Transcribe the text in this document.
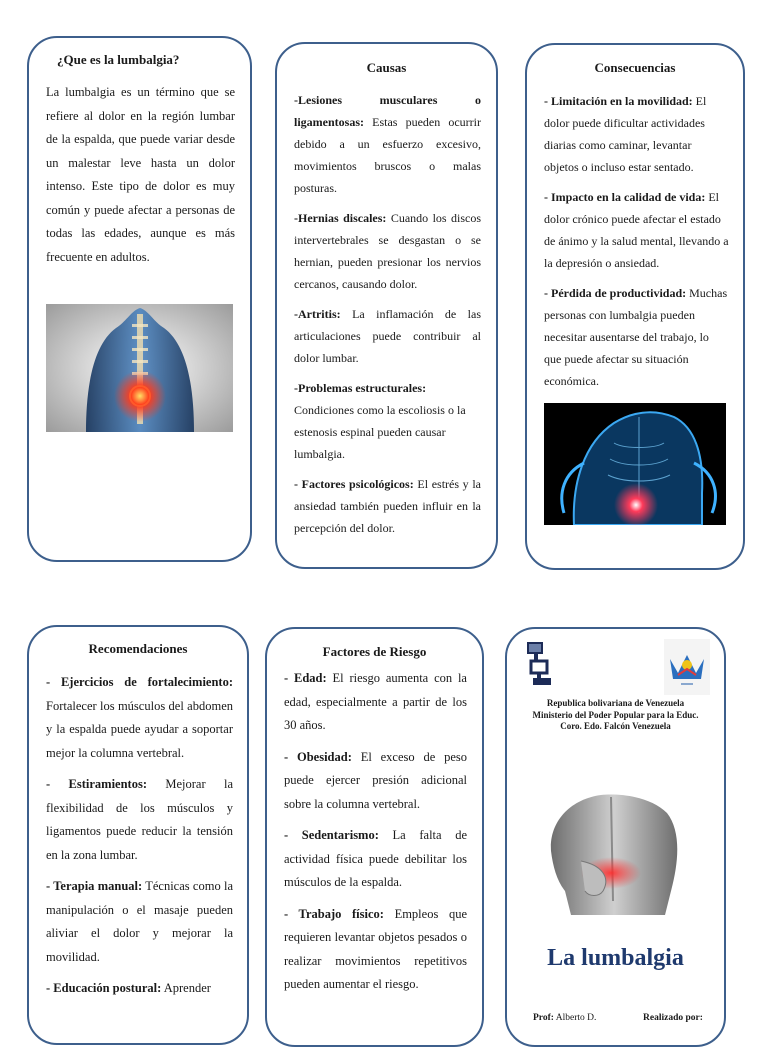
¿Que es la lumbalgia?
La lumbalgia es un término que se refiere al dolor en la región lumbar de la espalda, que puede variar desde un malestar leve hasta un dolor intenso. Este tipo de dolor es muy común y puede afectar a personas de todas las edades, aunque es más frecuente en adultos.
Causas
-Lesiones musculares o ligamentosas: Estas pueden ocurrir debido a un esfuerzo excesivo, movimientos bruscos o malas posturas.
-Hernias discales: Cuando los discos intervertebrales se desgastan o se hernian, pueden presionar los nervios cercanos, causando dolor.
-Artritis: La inflamación de las articulaciones puede contribuir al dolor lumbar.
-Problemas estructurales: Condiciones como la escoliosis o la estenosis espinal pueden causar lumbalgia.
- Factores psicológicos: El estrés y la ansiedad también pueden influir en la percepción del dolor.
Consecuencias
- Limitación en la movilidad: El dolor puede dificultar actividades diarias como caminar, levantar objetos o incluso estar sentado.
- Impacto en la calidad de vida: El dolor crónico puede afectar el estado de ánimo y la salud mental, llevando a la depresión o ansiedad.
- Pérdida de productividad: Muchas personas con lumbalgia pueden necesitar ausentarse del trabajo, lo que puede afectar su situación económica.
Recomendaciones
- Ejercicios de fortalecimiento: Fortalecer los músculos del abdomen y la espalda puede ayudar a soportar mejor la columna vertebral.
- Estiramientos: Mejorar la flexibilidad de los músculos y ligamentos puede reducir la tensión en la zona lumbar.
- Terapia manual: Técnicas como la manipulación o el masaje pueden aliviar el dolor y mejorar la movilidad.
- Educación postural: Aprender
Factores de Riesgo
- Edad: El riesgo aumenta con la edad, especialmente a partir de los 30 años.
- Obesidad: El exceso de peso puede ejercer presión adicional sobre la columna vertebral.
- Sedentarismo: La falta de actividad física puede debilitar los músculos de la espalda.
- Trabajo físico: Empleos que requieren levantar objetos pesados o realizar movimientos repetitivos pueden aumentar el riesgo.
Republica bolivariana de Venezuela
Ministerio del Poder Popular para la Educ.
Coro. Edo. Falcón Venezuela
La lumbalgia
Prof: Alberto D.	Realizado por:
